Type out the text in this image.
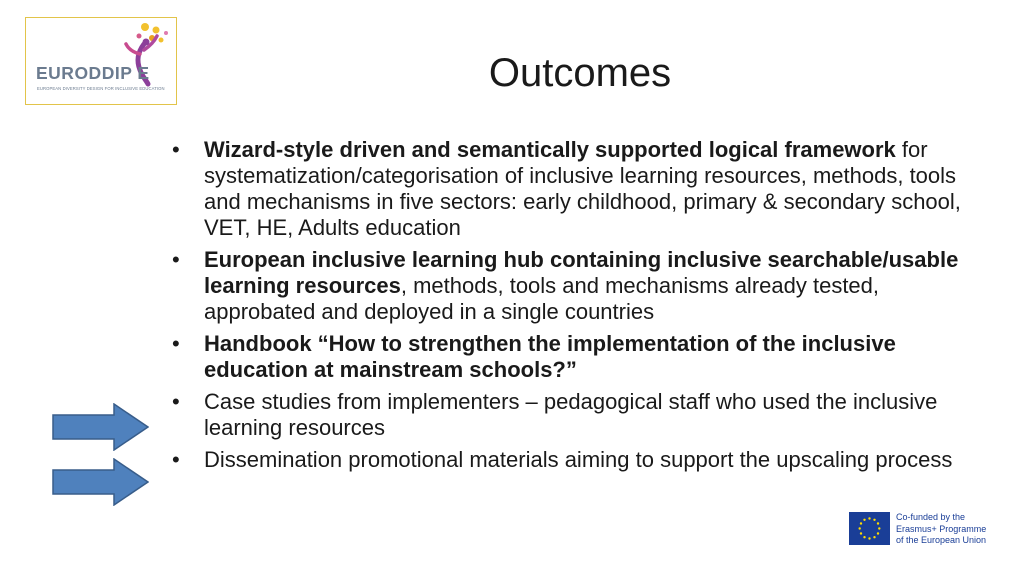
EURODDIP E
EUROPEAN DIVERSITY DESIGN FOR INCLUSIVE EDUCATION	Outcomes
• Wizard-style driven and semantically supported logical framework for systematization/categorisation of inclusive learning resources, methods, tools and mechanisms in five sectors: early childhood, primary & secondary school, VET, HE, Adults education
• European inclusive learning hub containing inclusive searchable/usable learning resources, methods, tools and mechanisms already tested, approbated and deployed in a single countries
• Handbook “How to strengthen the implementation of the inclusive education at mainstream schools?”
• Case studies from implementers – pedagogical staff who used the inclusive learning resources
• Dissemination promotional materials aiming to support the upscaling process
Co-funded by the
Erasmus+ Programme
of the European Union
